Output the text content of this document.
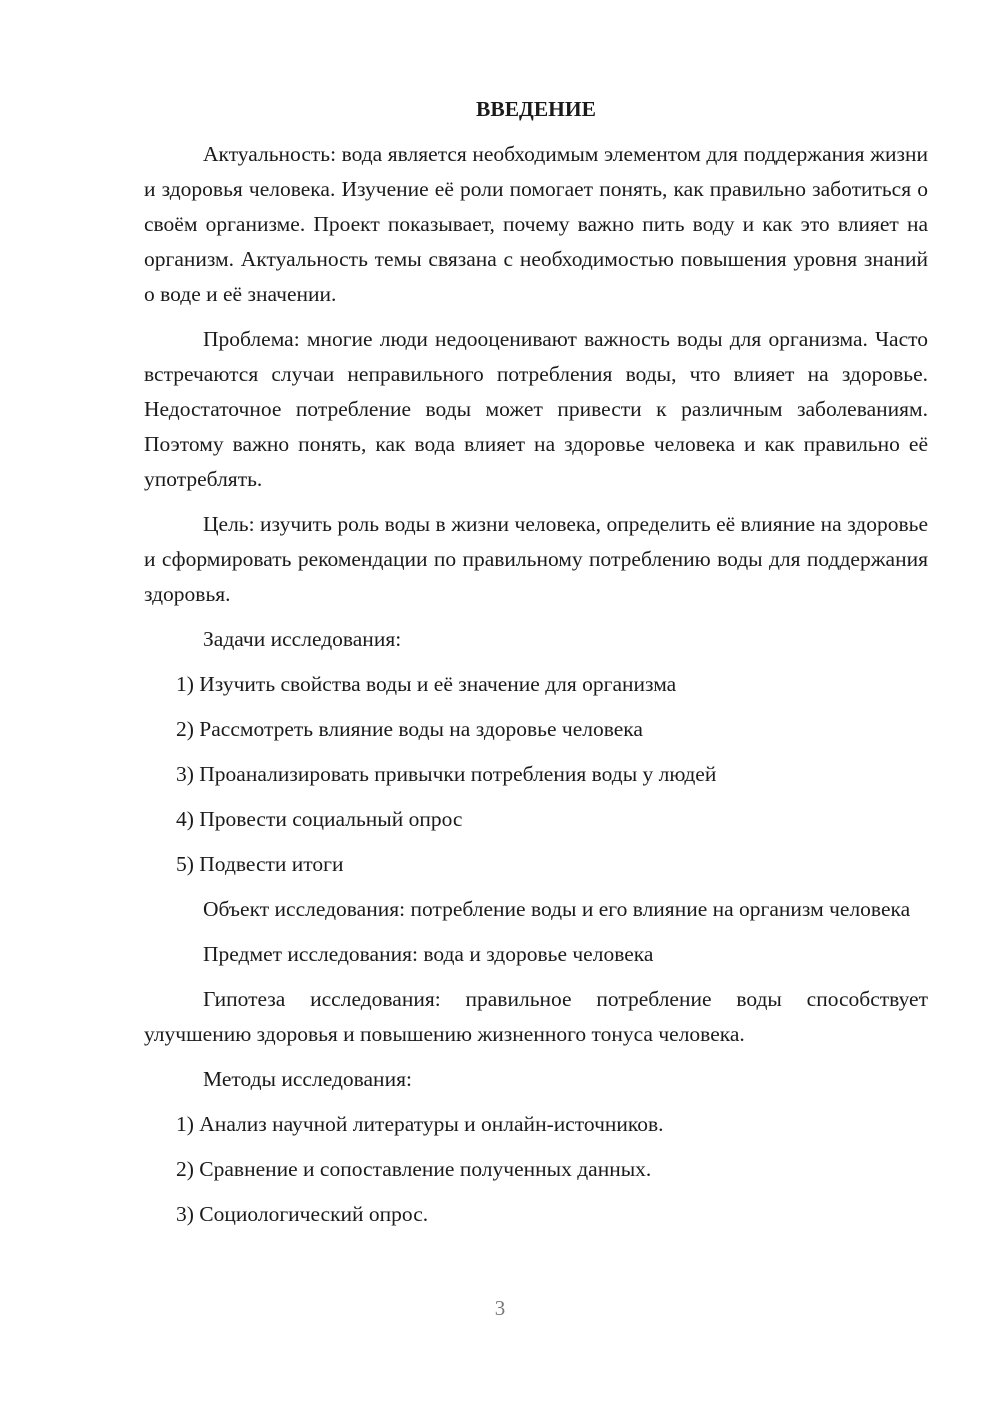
ВВЕДЕНИЕ

Актуальность: вода является необходимым элементом для поддержания жизни и здоровья человека. Изучение её роли помогает понять, как правильно заботиться о своём организме. Проект показывает, почему важно пить воду и как это влияет на организм. Актуальность темы связана с необходимостью повышения уровня знаний о воде и её значении.

Проблема: многие люди недооценивают важность воды для организма. Часто встречаются случаи неправильного потребления воды, что влияет на здоровье. Недостаточное потребление воды может привести к различным заболеваниям. Поэтому важно понять, как вода влияет на здоровье человека и как правильно её употреблять.

Цель: изучить роль воды в жизни человека, определить её влияние на здоровье и сформировать рекомендации по правильному потреблению воды для поддержания здоровья.

Задачи исследования:

1) Изучить свойства воды и её значение для организма
2) Рассмотреть влияние воды на здоровье человека
3) Проанализировать привычки потребления воды у людей
4) Провести социальный опрос
5) Подвести итоги

Объект исследования: потребление воды и его влияние на организм человека

Предмет исследования: вода и здоровье человека

Гипотеза исследования: правильное потребление воды способствует улучшению здоровья и повышению жизненного тонуса человека.

Методы исследования:

1) Анализ научной литературы и онлайн-источников.
2) Сравнение и сопоставление полученных данных.
3) Социологический опрос.
3
